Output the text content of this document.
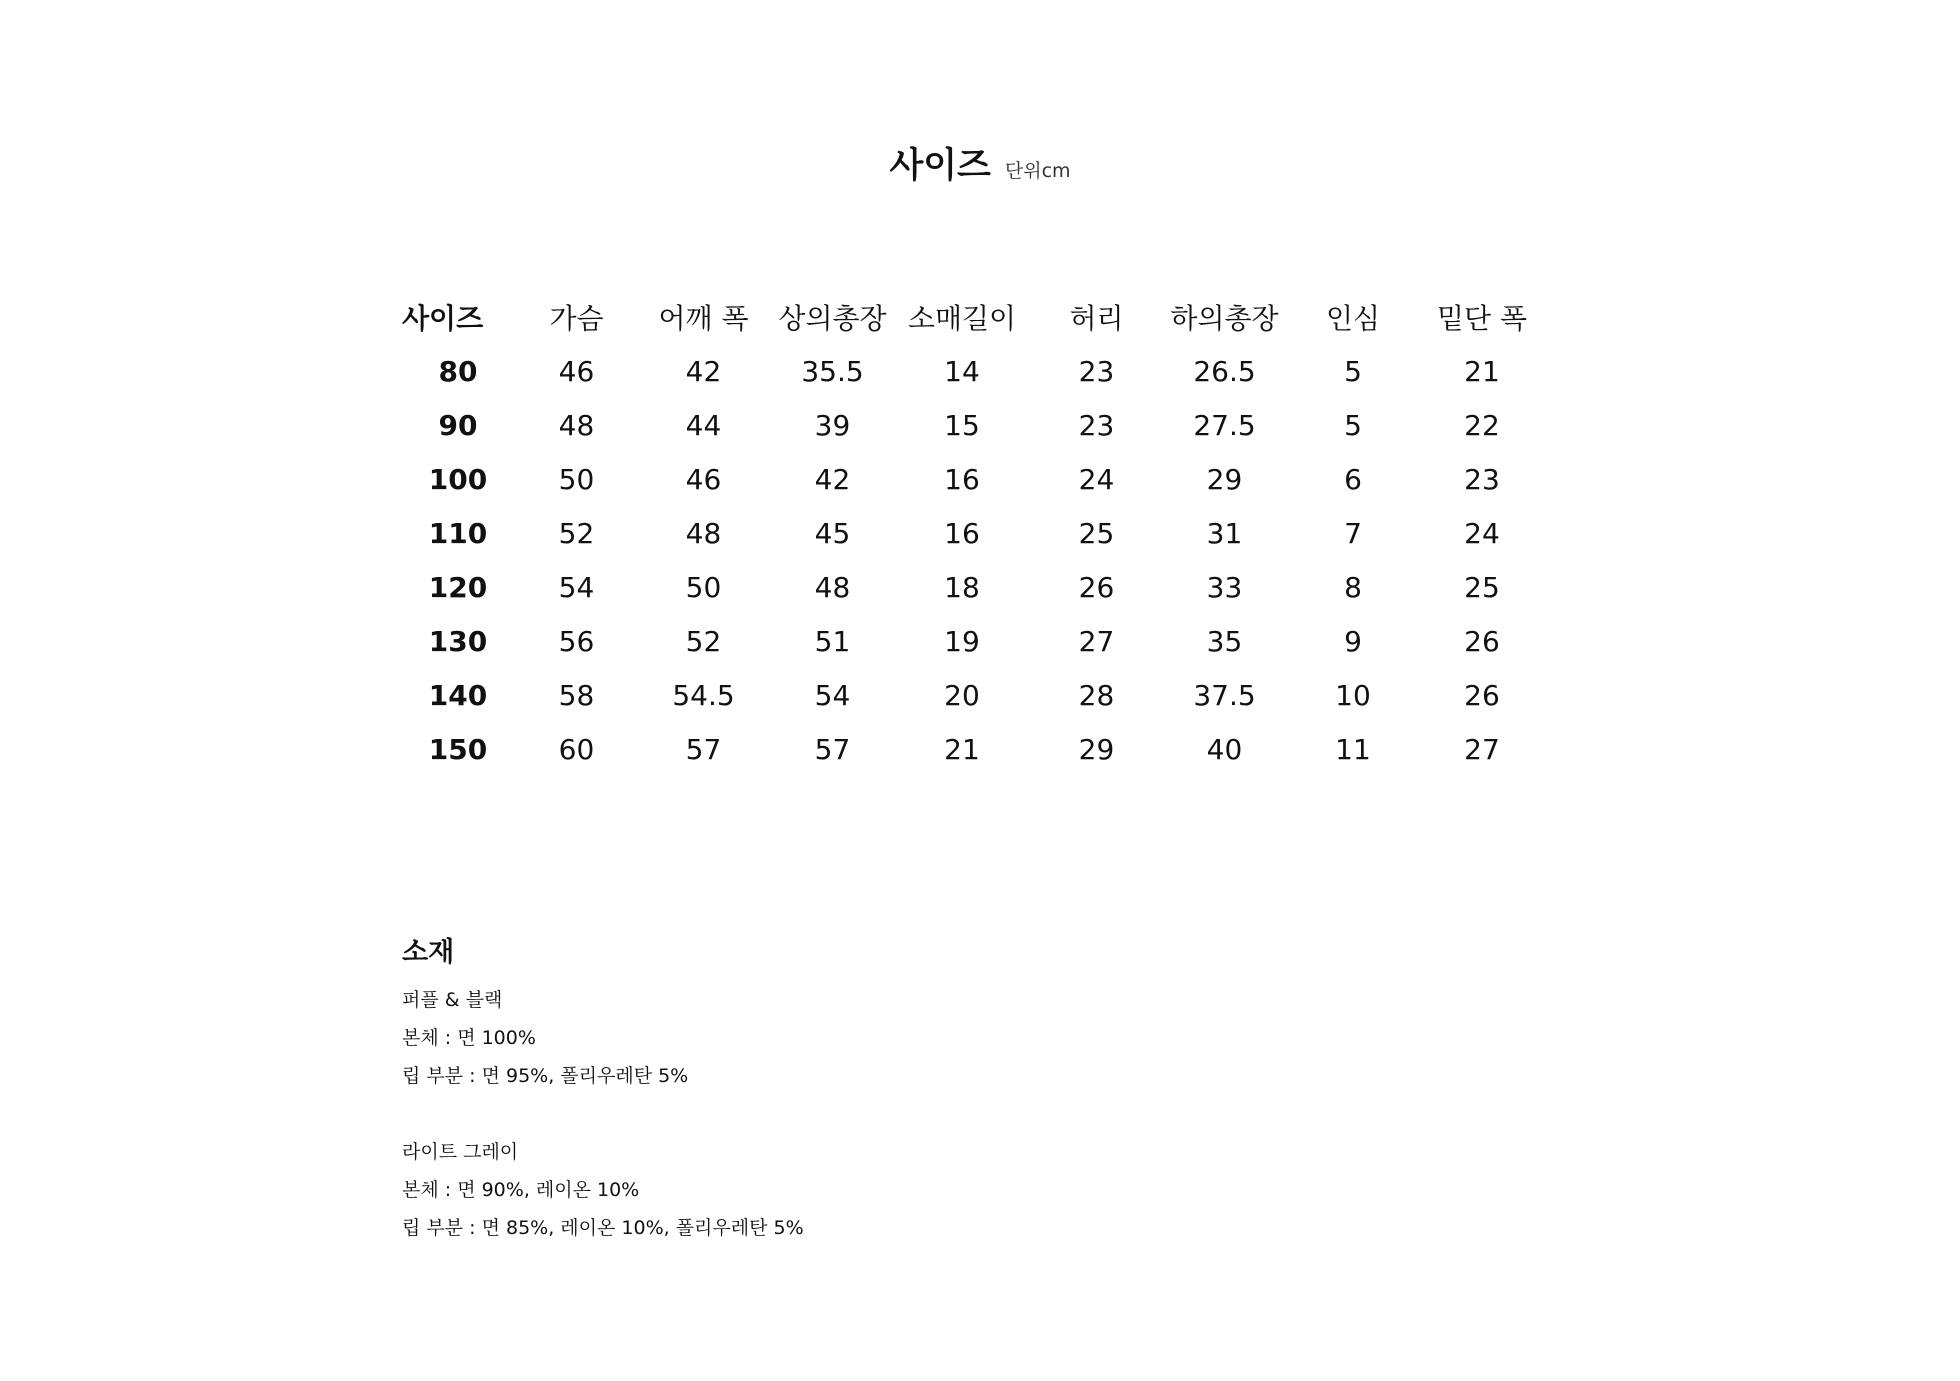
사이즈 단위cm
사이즈	가슴	어깨 폭	상의총장	소매길이	허리	하의총장	인심	밑단 폭
80	46	42	35.5	14	23	26.5	5	21
90	48	44	39	15	23	27.5	5	22
100	50	46	42	16	24	29	6	23
110	52	48	45	16	25	31	7	24
120	54	50	48	18	26	33	8	25
130	56	52	51	19	27	35	9	26
140	58	54.5	54	20	28	37.5	10	26
150	60	57	57	21	29	40	11	27
소재
퍼플 & 블랙
본체 : 면 100%
립 부분 : 면 95%, 폴리우레탄 5%
라이트 그레이
본체 : 면 90%, 레이온 10%
립 부분 : 면 85%, 레이온 10%, 폴리우레탄 5%
